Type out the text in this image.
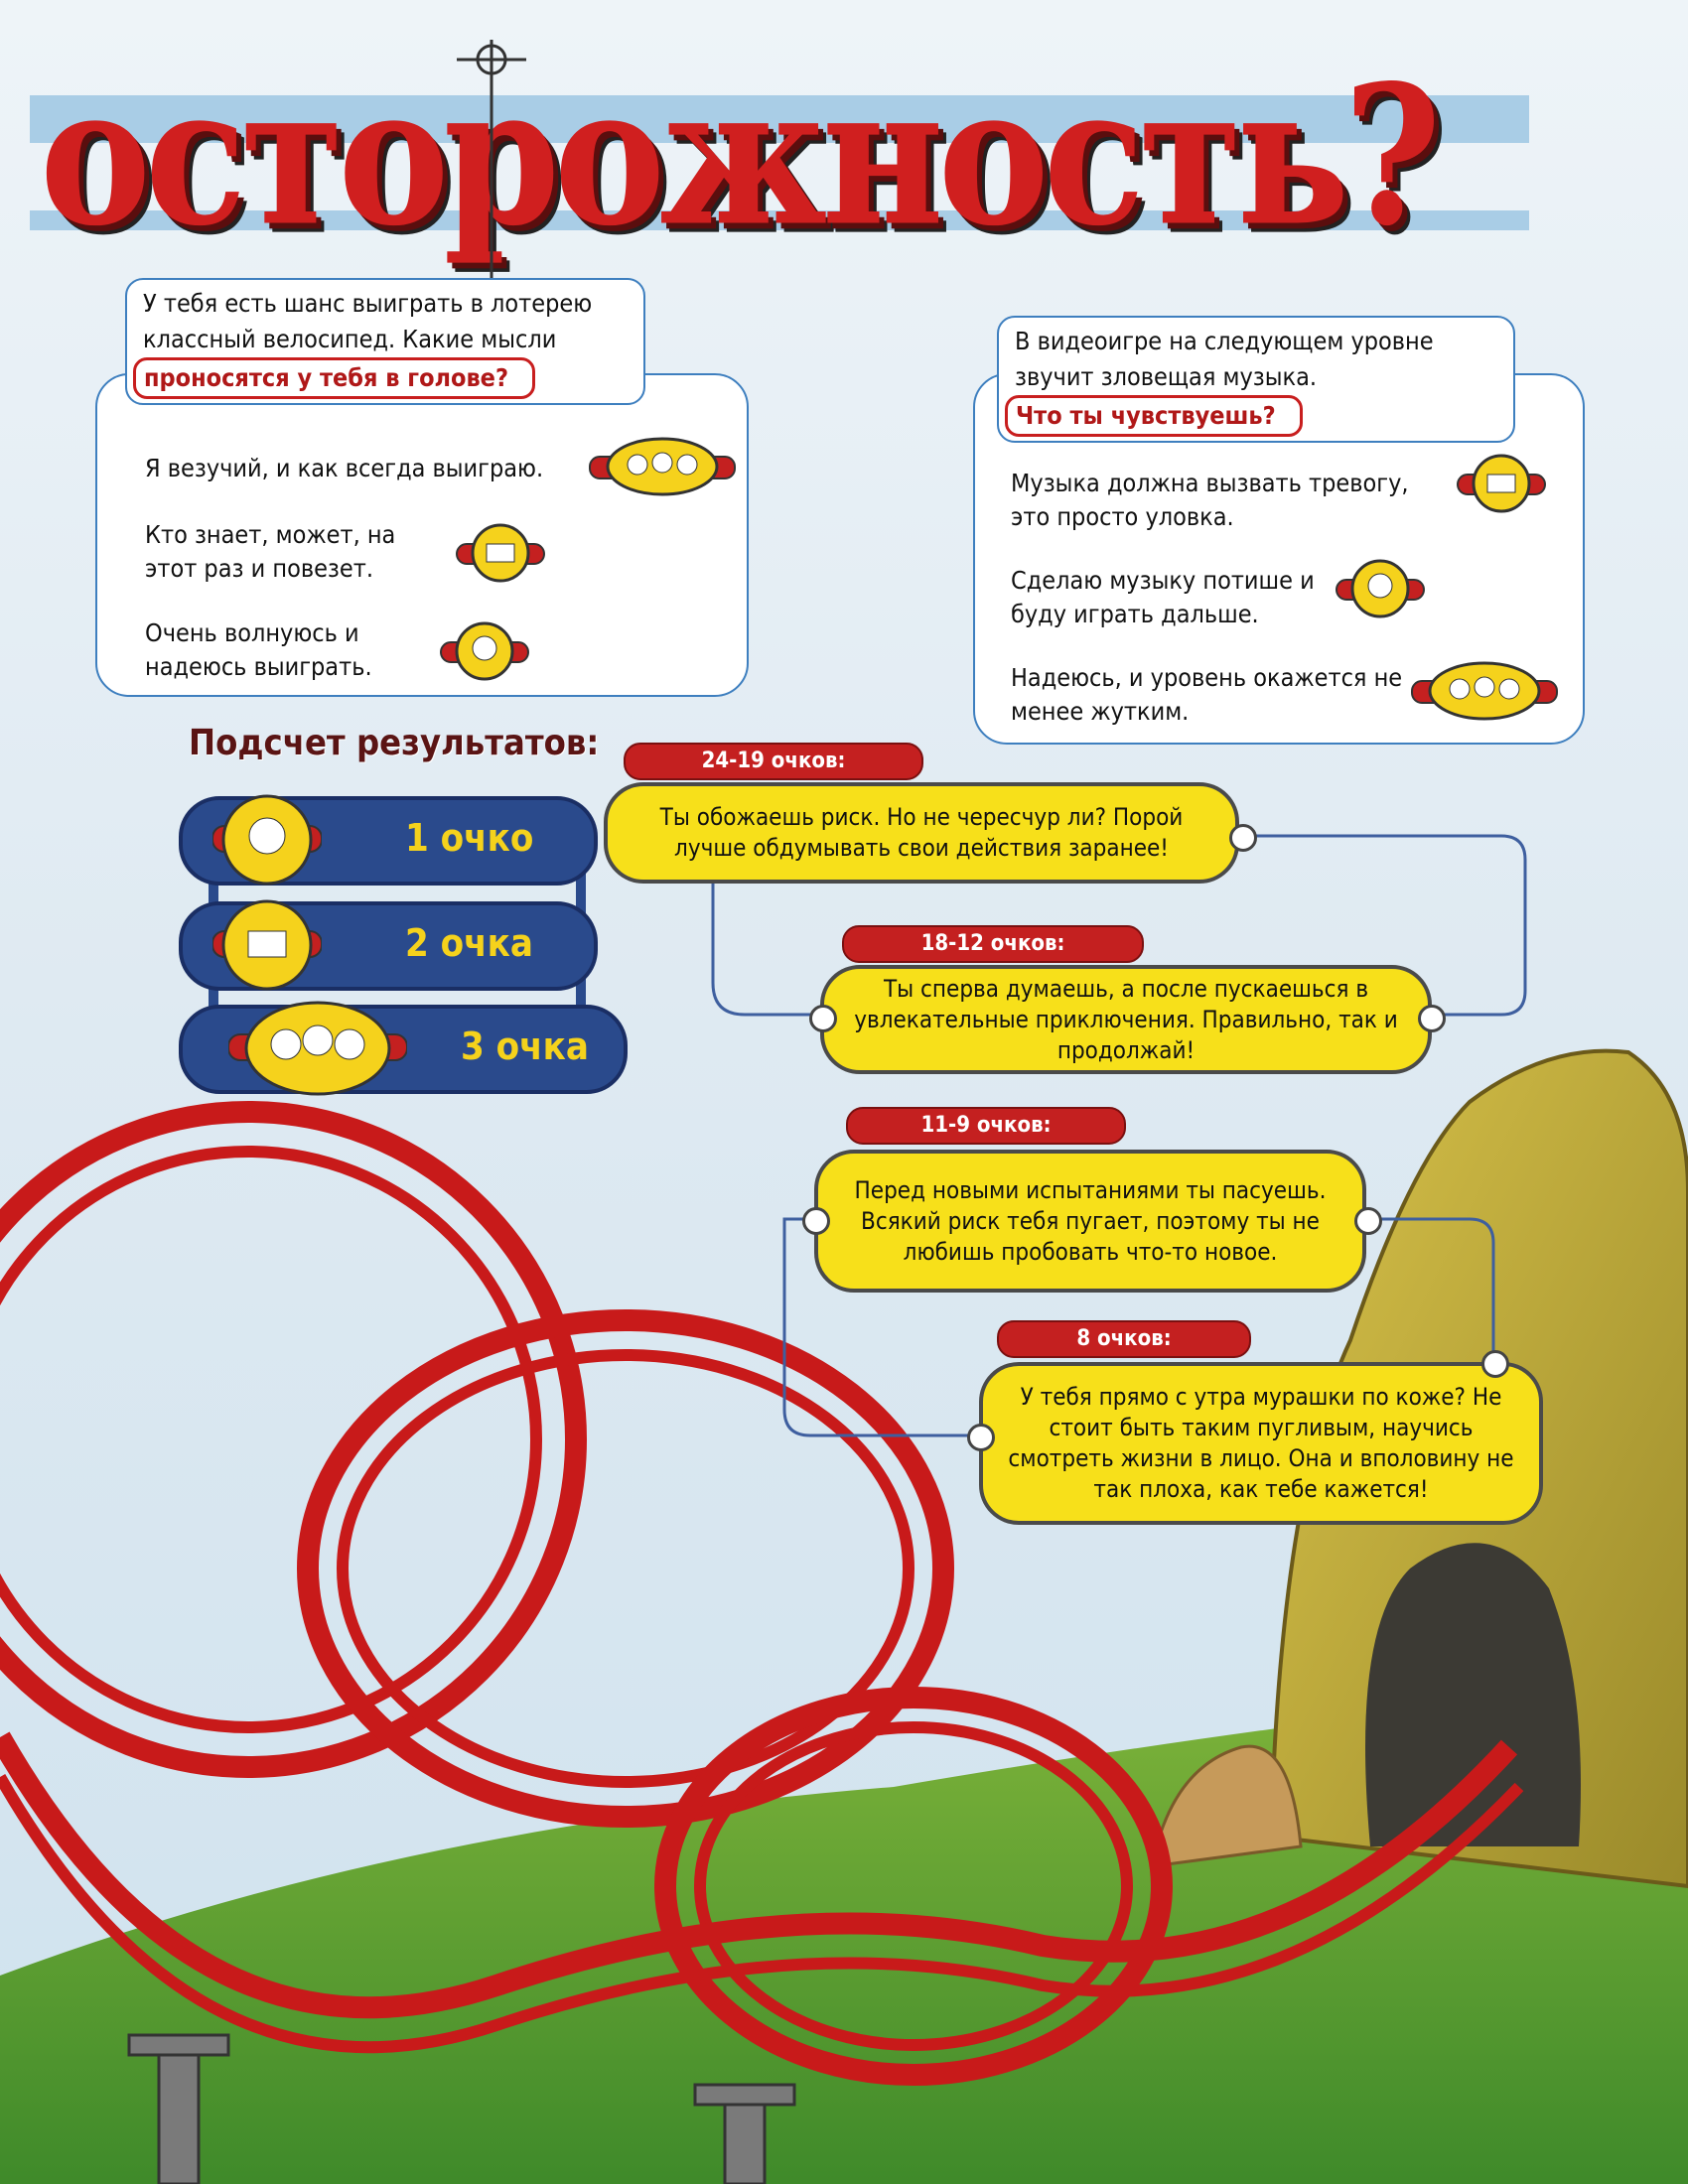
осторожность?
У тебя есть шанс выиграть в лотерею классный велосипед. Какие мысли
проносятся у тебя в голове?
Я везучий, и как всегда выиграю.
Кто знает, может, на этот раз и повезет.
Очень волнуюсь и надеюсь выиграть.
В видеоигре на следующем уровне звучит зловещая музыка.
Что ты чувствуешь?
Музыка должна вызвать тревогу, это просто уловка.
Сделаю музыку потише и буду играть дальше.
Надеюсь, и уровень окажется не менее жутким.
Подсчет результатов:
1 очко
2 очка
3 очка
24-19 очков:
Ты обожаешь риск. Но не чересчур ли? Порой лучше обдумывать свои действия заранее!
18-12 очков:
Ты сперва думаешь, а после пускаешься в увлекательные приключения. Правильно, так и продолжай!
11-9 очков:
Перед новыми испытаниями ты пасуешь. Всякий риск тебя пугает, поэтому ты не любишь пробовать что-то новое.
8 очков:
У тебя прямо с утра мурашки по коже? Не стоит быть таким пугливым, научись смотреть жизни в лицо. Она и вполовину не так плоха, как тебе кажется!
